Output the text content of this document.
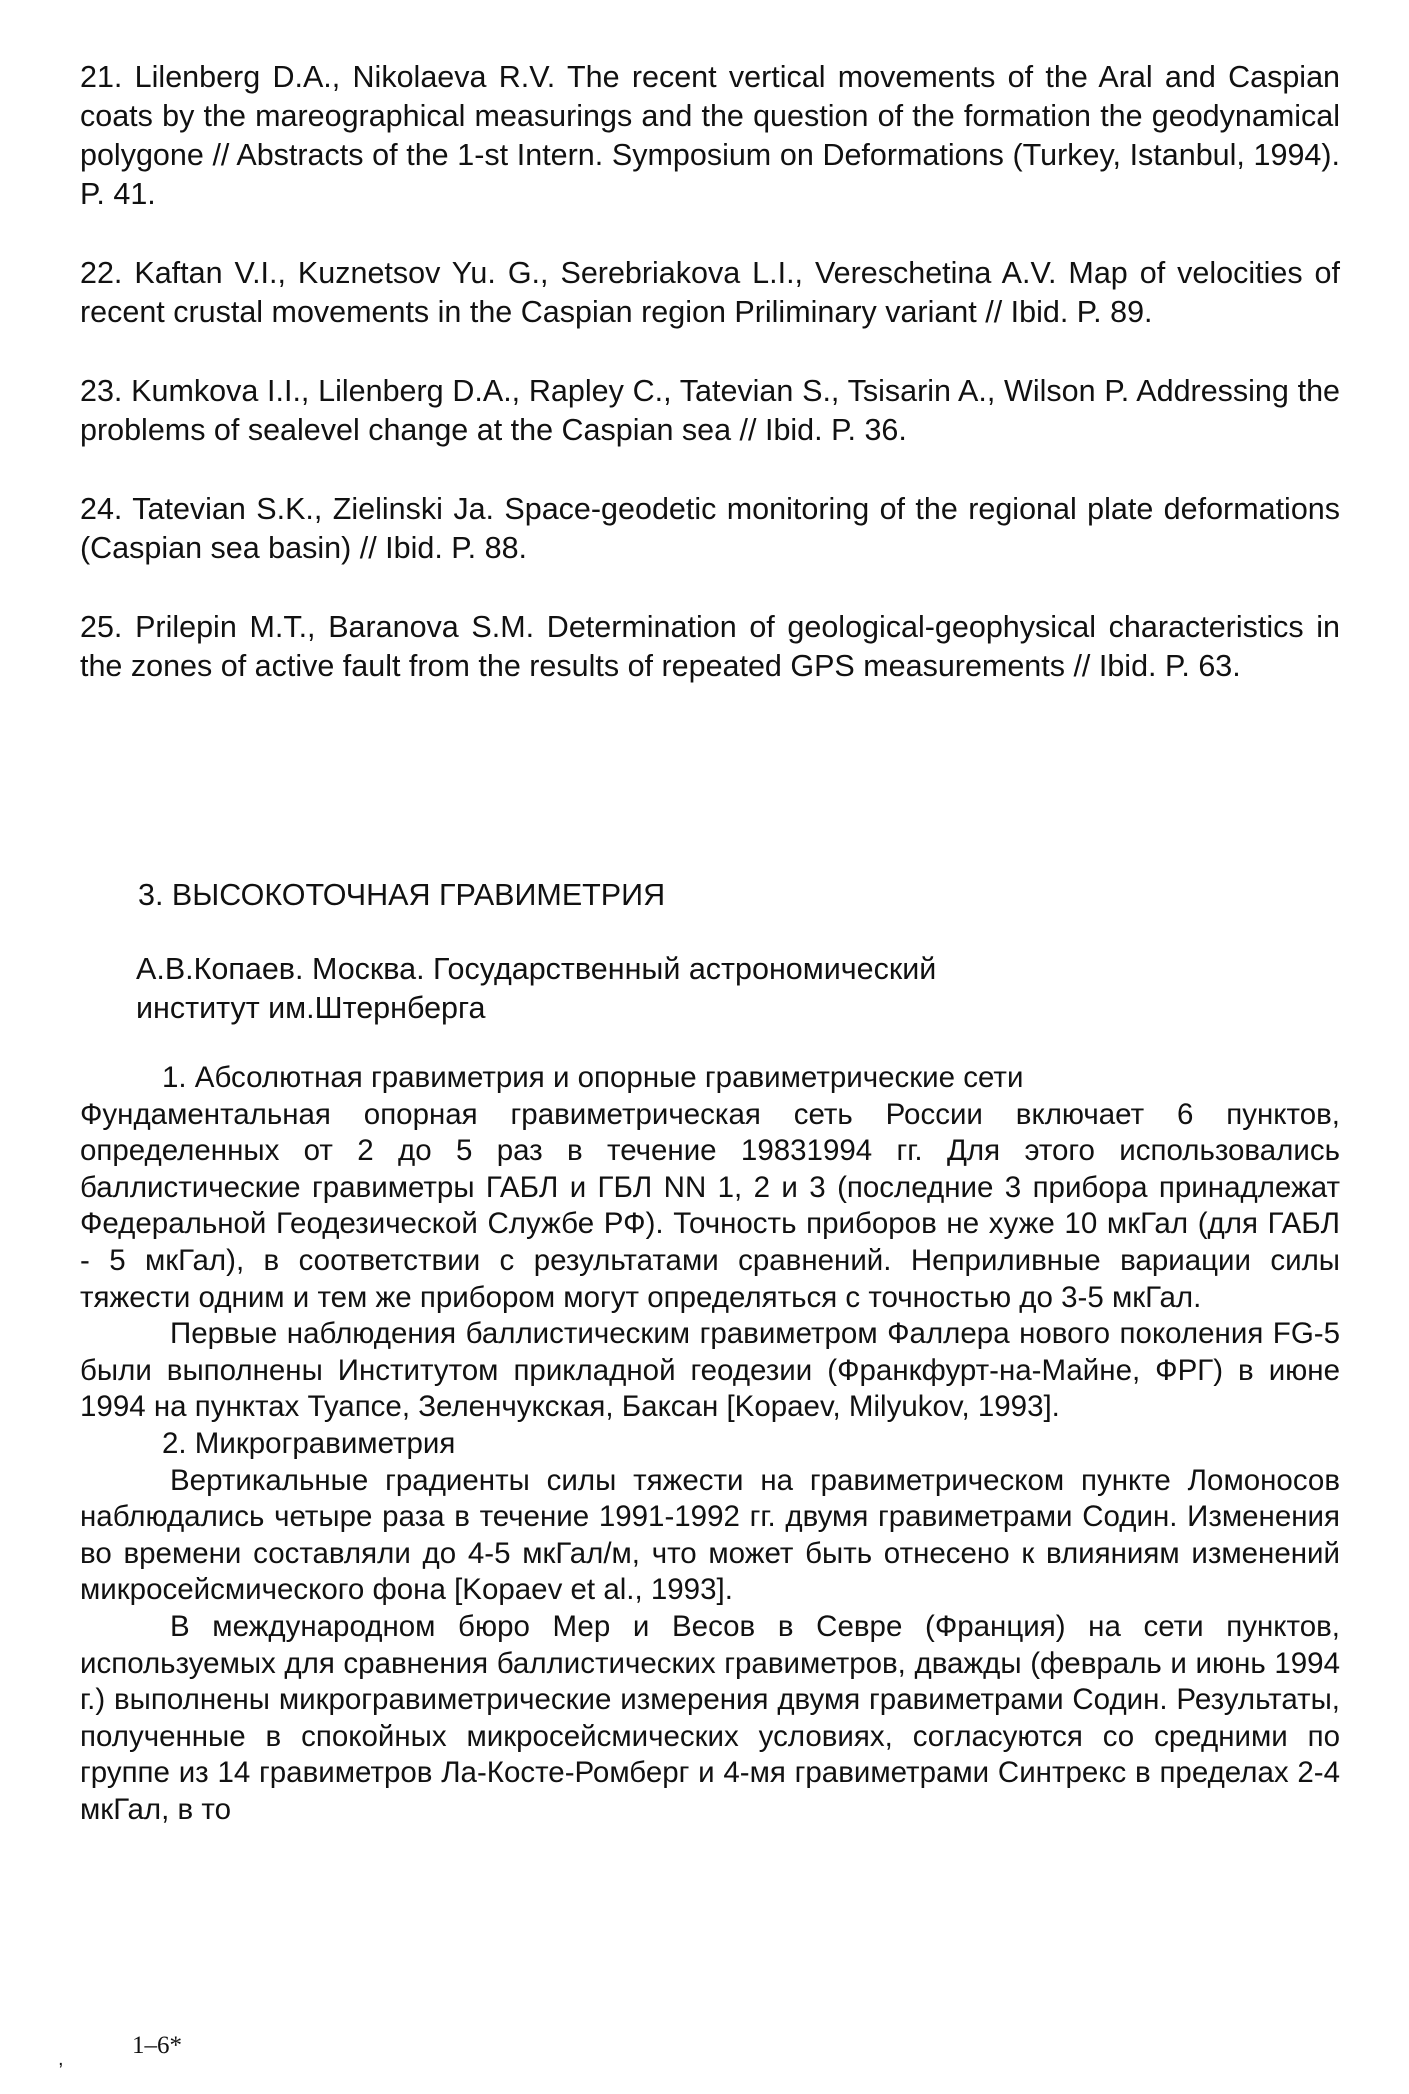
21. Lilenberg D.A., Nikolaeva R.V. The recent vertical movements of the Aral and Caspian coats by the mareographical measurings and the question of the formation the geodynamical polygone // Abstracts of the 1-st Intern. Symposium on Deformations (Turkey, Istanbul, 1994). P. 41.

22. Kaftan V.I., Kuznetsov Yu. G., Serebriakova L.I., Vereschetina A.V. Map of velocities of recent crustal movements in the Caspian region Priliminary variant // Ibid. P. 89.

23. Kumkova I.I., Lilenberg D.A., Rapley C., Tatevian S., Tsisarin A., Wilson P. Addressing the problems of sealevel change at the Caspian sea // Ibid. P. 36.

24. Tatevian S.K., Zielinski Ja. Space-geodetic monitoring of the regional plate deformations (Caspian sea basin) // Ibid. P. 88.

25. Prilepin M.T., Baranova S.M. Determination of geological-geophysical characteristics in the zones of active fault from the results of repeated GPS measurements // Ibid. P. 63.

3. ВЫСОКОТОЧНАЯ ГРАВИМЕТРИЯ

А.В.Копаев. Москва. Государственный астрономический
институт им.Штернберга

1. Абсолютная гравиметрия и опорные гравиметрические сети

Фундаментальная опорная гравиметрическая сеть России включает 6 пунктов, определенных от 2 до 5 раз в течение 19831994 гг. Для этого использовались баллистические гравиметры ГАБЛ и ГБЛ NN 1, 2 и 3 (последние 3 прибора принадлежат Федеральной Геодезической Службе РФ). Точность приборов не хуже 10 мкГал (для ГАБЛ - 5 мкГал), в соответствии с результатами сравнений. Неприливные вариации силы тяжести одним и тем же прибором могут определяться с точностью до 3-5 мкГал.

Первые наблюдения баллистическим гравиметром Фаллера нового поколения FG-5 были выполнены Институтом прикладной геодезии (Франкфурт-на-Майне, ФРГ) в июне 1994 на пунктах Туапсе, Зеленчукская, Баксан [Kopaev, Milyukov, 1993].

2. Микрогравиметрия

Вертикальные градиенты силы тяжести на гравиметрическом пункте Ломоносов наблюдались четыре раза в течение 1991-1992 гг. двумя гравиметрами Содин. Изменения во времени составляли до 4-5 мкГал/м, что может быть отнесено к влияниям изменений микросейсмического фона [Kopaev et al., 1993].

В международном бюро Мер и Весов в Севре (Франция) на сети пунктов, используемых для сравнения баллистических гравиметров, дважды (февраль и июнь 1994 г.) выполнены микрогравиметрические измерения двумя гравиметрами Содин. Результаты, полученные в спокойных микросейсмических условиях, согласуются со средними по группе из 14 гравиметров Ла-Косте-Ромберг и 4-мя гравиметрами Синтрекс в пределах 2-4 мкГал, в то

,	1–6*
